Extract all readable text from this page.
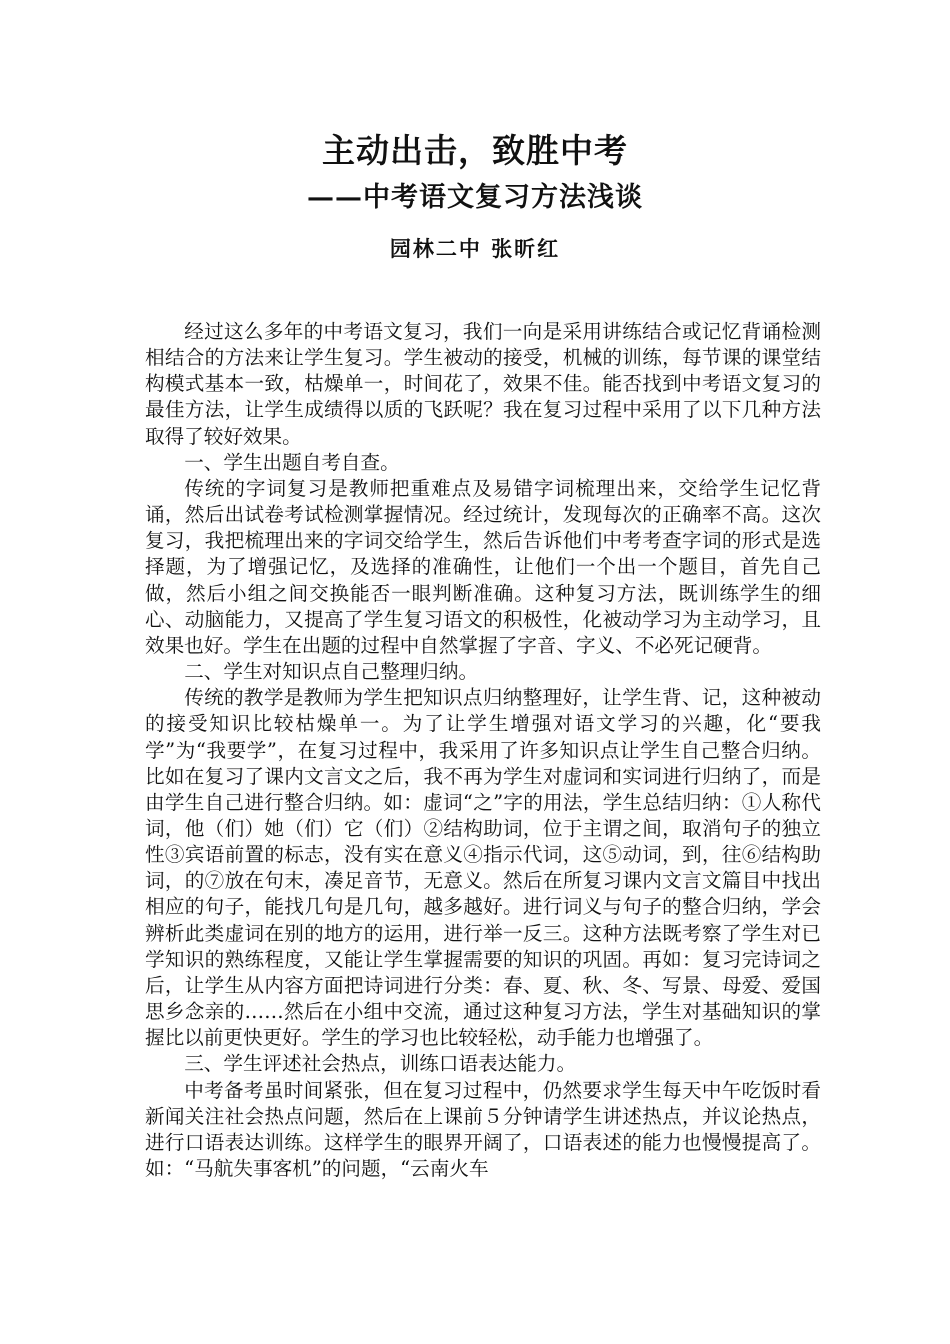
主动出击，致胜中考
——中考语文复习方法浅谈
园林二中 张昕红

经过这么多年的中考语文复习，我们一向是采用讲练结合或记忆背诵检测相结合的方法来让学生复习。学生被动的接受，机械的训练，每节课的课堂结构模式基本一致，枯燥单一，时间花了，效果不佳。能否找到中考语文复习的最佳方法，让学生成绩得以质的飞跃呢？我在复习过程中采用了以下几种方法取得了较好效果。

一、学生出题自考自查。

传统的字词复习是教师把重难点及易错字词梳理出来，交给学生记忆背诵，然后出试卷考试检测掌握情况。经过统计，发现每次的正确率不高。这次复习，我把梳理出来的字词交给学生，然后告诉他们中考考查字词的形式是选择题，为了增强记忆，及选择的准确性，让他们一个出一个题目，首先自己做，然后小组之间交换能否一眼判断准确。这种复习方法，既训练学生的细心、动脑能力，又提高了学生复习语文的积极性，化被动学习为主动学习，且效果也好。学生在出题的过程中自然掌握了字音、字义、不必死记硬背。

二、学生对知识点自己整理归纳。

传统的教学是教师为学生把知识点归纳整理好，让学生背、记，这种被动的接受知识比较枯燥单一。为了让学生增强对语文学习的兴趣，化“要我学”为“我要学”，在复习过程中，我采用了许多知识点让学生自己整合归纳。比如在复习了课内文言文之后，我不再为学生对虚词和实词进行归纳了，而是由学生自己进行整合归纳。如：虚词“之”字的用法，学生总结归纳：①人称代词，他（们）她（们）它（们）②结构助词，位于主谓之间，取消句子的独立性③宾语前置的标志，没有实在意义④指示代词，这⑤动词，到，往⑥结构助词，的⑦放在句末，凑足音节，无意义。然后在所复习课内文言文篇目中找出相应的句子，能找几句是几句，越多越好。进行词义与句子的整合归纳，学会辨析此类虚词在别的地方的运用，进行举一反三。这种方法既考察了学生对已学知识的熟练程度，又能让学生掌握需要的知识的巩固。再如：复习完诗词之后，让学生从内容方面把诗词进行分类：春、夏、秋、冬、写景、母爱、爱国思乡念亲的……然后在小组中交流，通过这种复习方法，学生对基础知识的掌握比以前更快更好。学生的学习也比较轻松，动手能力也增强了。

三、学生评述社会热点，训练口语表达能力。

中考备考虽时间紧张，但在复习过程中，仍然要求学生每天中午吃饭时看新闻关注社会热点问题，然后在上课前５分钟请学生讲述热点，并议论热点，进行口语表达训练。这样学生的眼界开阔了，口语表述的能力也慢慢提高了。如：“马航失事客机”的问题，“云南火车
